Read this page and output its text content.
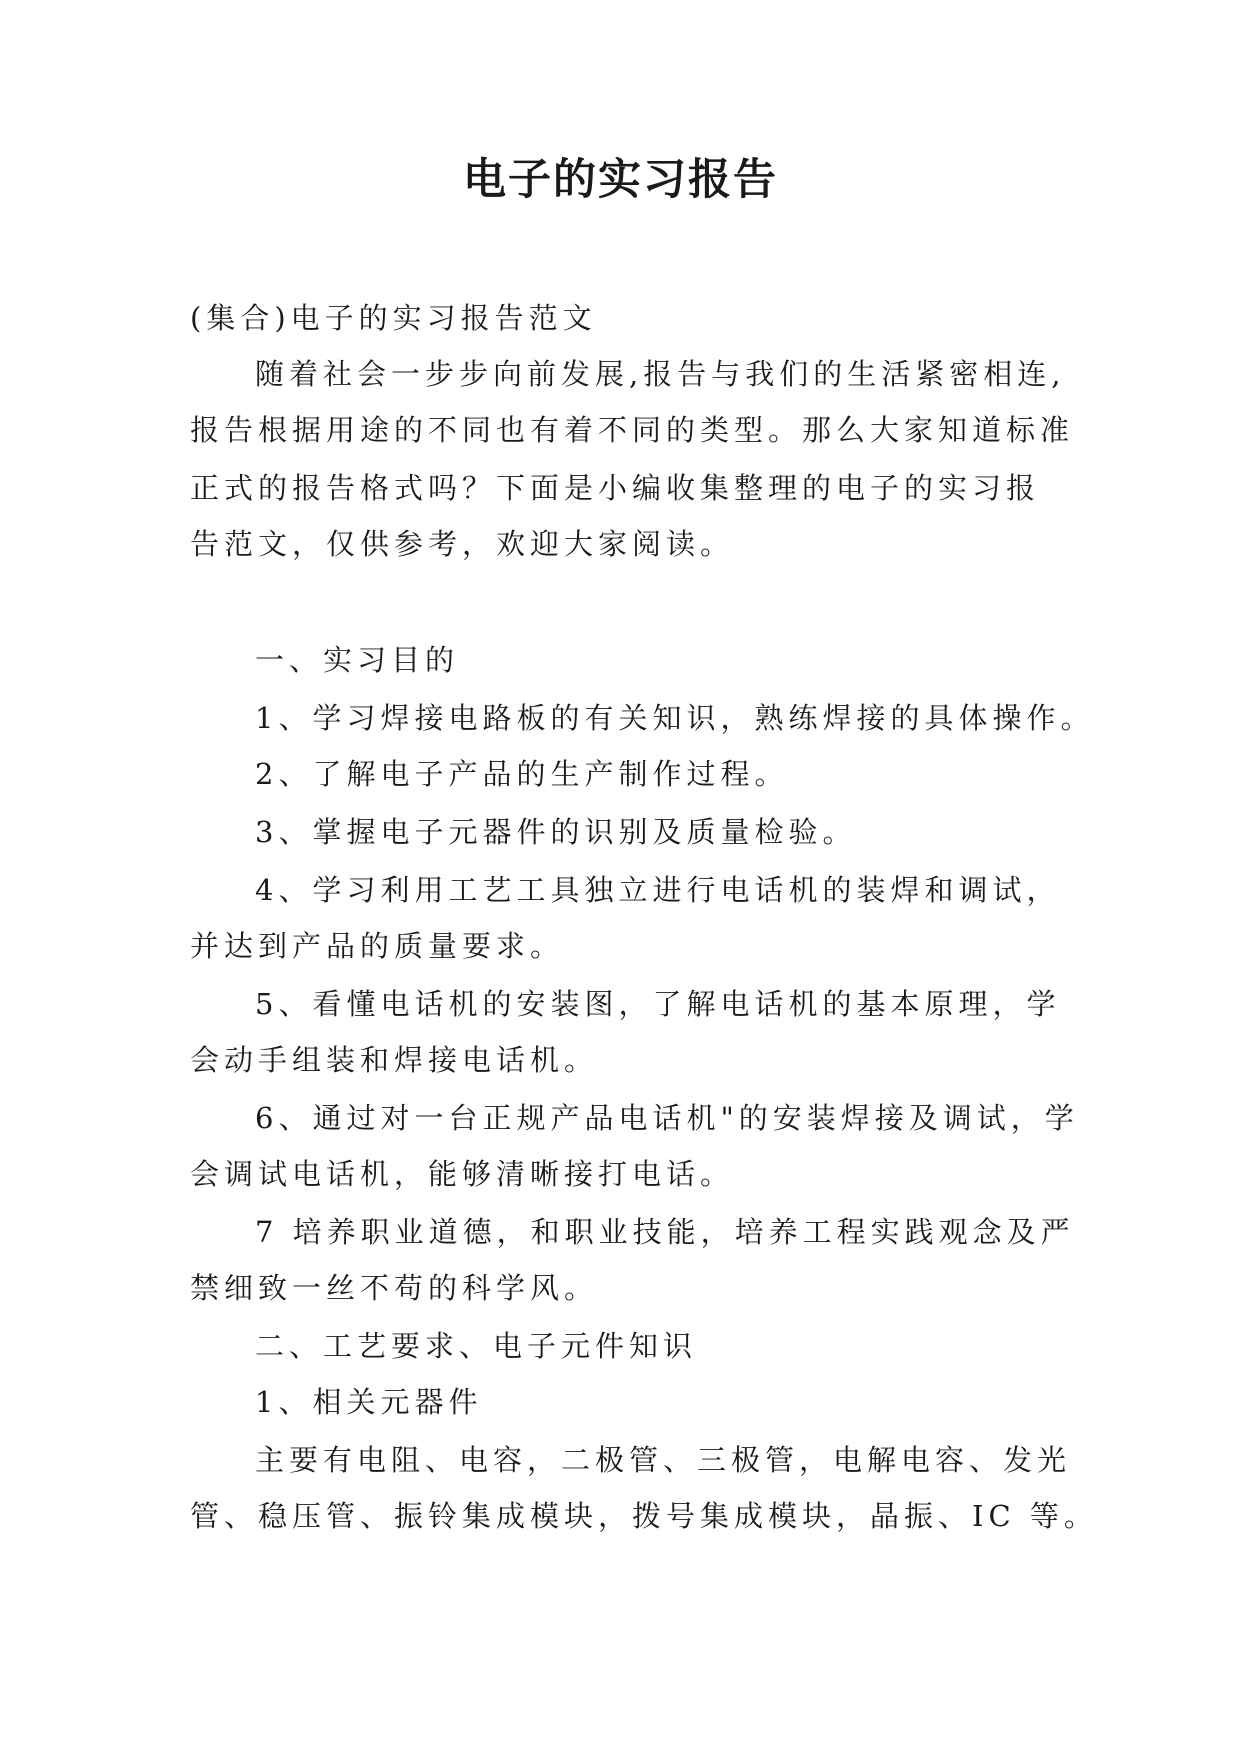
电子的实习报告

(集合)电子的实习报告范文

随着社会一步步向前发展,报告与我们的生活紧密相连,

报告根据用途的不同也有着不同的类型。那么大家知道标准

正式的报告格式吗？下面是小编收集整理的电子的实习报

告范文，仅供参考，欢迎大家阅读。

一、实习目的

1、学习焊接电路板的有关知识，熟练焊接的具体操作。

2、了解电子产品的生产制作过程。

3、掌握电子元器件的识别及质量检验。

4、学习利用工艺工具独立进行电话机的装焊和调试，

并达到产品的质量要求。

5、看懂电话机的安装图，了解电话机的基本原理，学

会动手组装和焊接电话机。

6、通过对一台正规产品电话机"的安装焊接及调试，学

会调试电话机，能够清晰接打电话。

7 培养职业道德，和职业技能，培养工程实践观念及严

禁细致一丝不苟的科学风。

二、工艺要求、电子元件知识

1、相关元器件

主要有电阻、电容，二极管、三极管，电解电容、发光

管、稳压管、振铃集成模块，拨号集成模块，晶振、IC 等。
